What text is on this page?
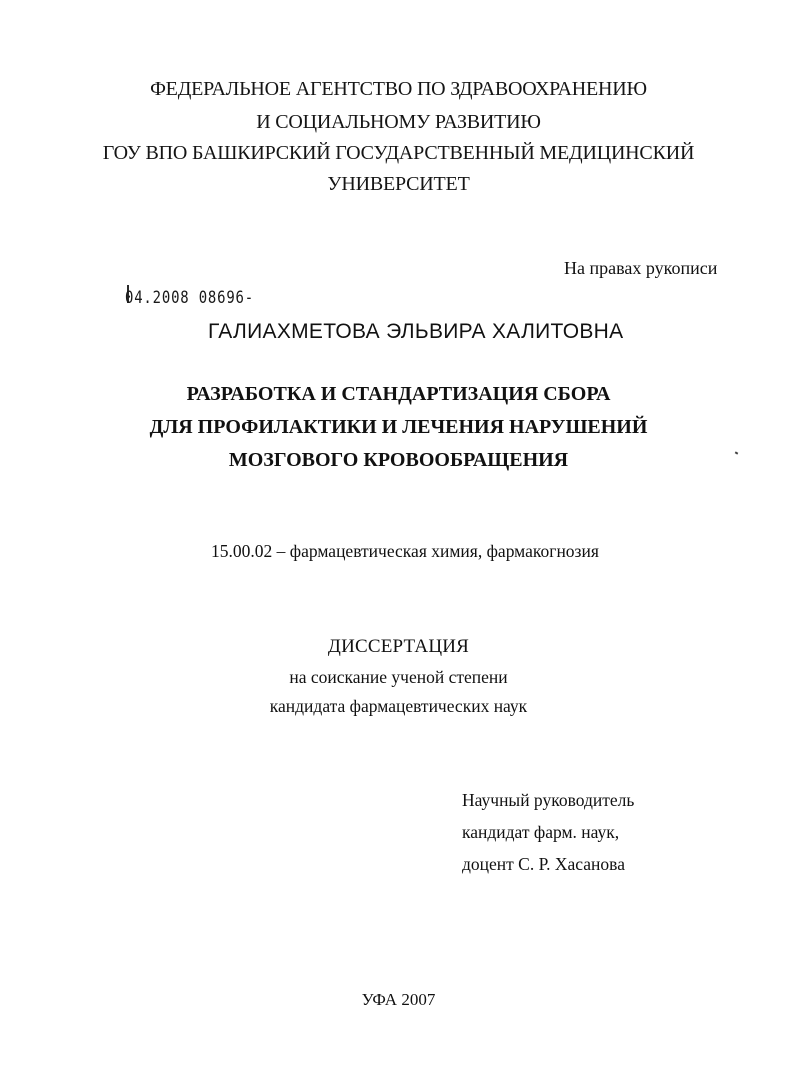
ФЕДЕРАЛЬНОЕ АГЕНТСТВО ПО ЗДРАВООХРАНЕНИЮ
И СОЦИАЛЬНОМУ РАЗВИТИЮ
ГОУ ВПО БАШКИРСКИЙ ГОСУДАРСТВЕННЫЙ МЕДИЦИНСКИЙ
УНИВЕРСИТЕТ
На правах рукописи
04.2008 08696-
ГАЛИАХМЕТОВА ЭЛЬВИРА ХАЛИТОВНА
РАЗРАБОТКА И СТАНДАРТИЗАЦИЯ СБОРА
ДЛЯ ПРОФИЛАКТИКИ И ЛЕЧЕНИЯ НАРУШЕНИЙ
МОЗГОВОГО КРОВООБРАЩЕНИЯ
15.00.02 – фармацевтическая химия, фармакогнозия
ДИССЕРТАЦИЯ
на соискание ученой степени
кандидата фармацевтических наук
Научный руководитель
кандидат фарм. наук,
доцент С. Р. Хасанова
УФА 2007
